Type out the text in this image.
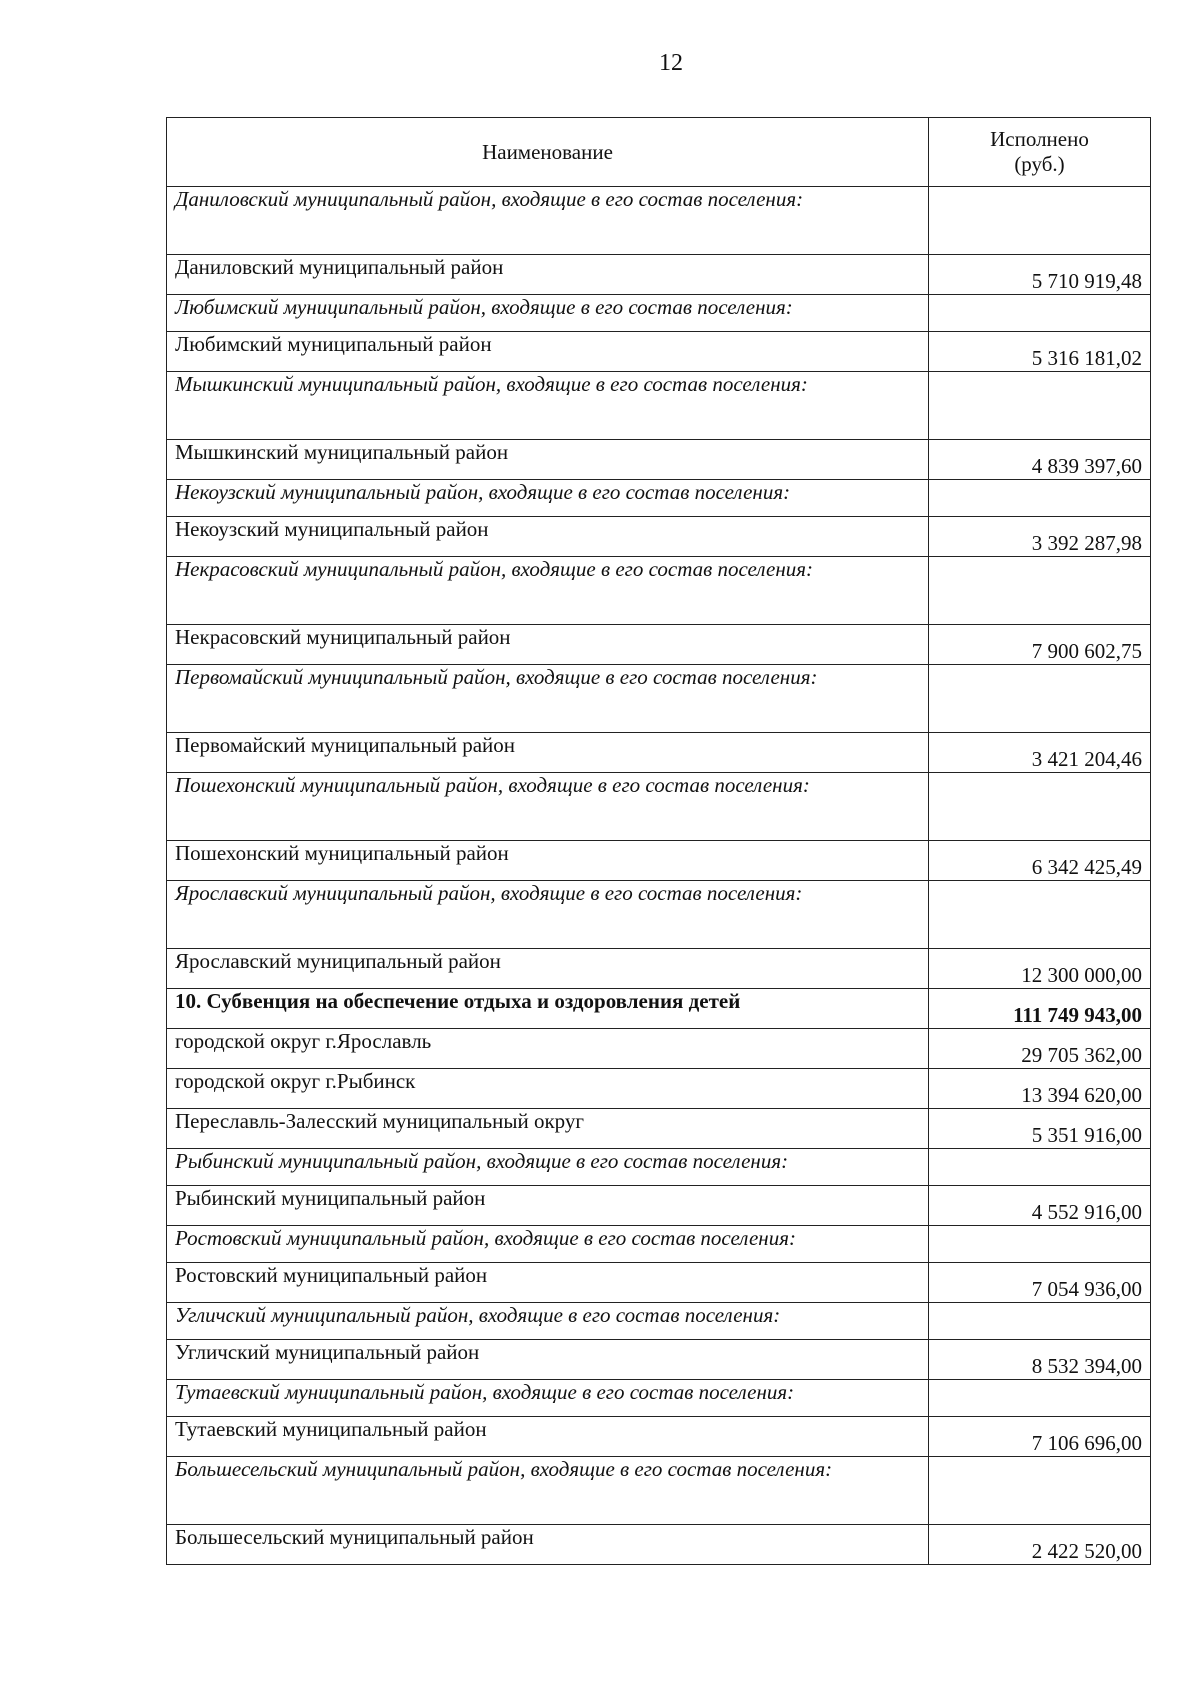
12
Наименование	Исполнено
(руб.)

Даниловский муниципальный район, входящие в его состав поселения:	
Даниловский муниципальный район	5 710 919,48
Любимский муниципальный район, входящие в его состав поселения:	
Любимский муниципальный район	5 316 181,02
Мышкинский муниципальный район, входящие в его состав поселения:	
Мышкинский муниципальный район	4 839 397,60
Некоузский муниципальный район, входящие в его состав поселения:	
Некоузский муниципальный район	3 392 287,98
Некрасовский муниципальный район, входящие в его состав поселения:	
Некрасовский муниципальный район	7 900 602,75
Первомайский муниципальный район, входящие в его состав поселения:	
Первомайский муниципальный район	3 421 204,46
Пошехонский муниципальный район, входящие в его состав поселения:	
Пошехонский муниципальный район	6 342 425,49
Ярославский муниципальный район, входящие в его состав поселения:	
Ярославский муниципальный район	12 300 000,00
10. Субвенция на обеспечение отдыха и оздоровления детей	111 749 943,00
городской округ г.Ярославль	29 705 362,00
городской округ г.Рыбинск	13 394 620,00
Переславль-Залесский муниципальный округ	5 351 916,00
Рыбинский муниципальный район, входящие в его состав поселения:	
Рыбинский муниципальный район	4 552 916,00
Ростовский муниципальный район, входящие в его состав поселения:	
Ростовский муниципальный район	7 054 936,00
Угличский муниципальный район, входящие в его состав поселения:	
Угличский муниципальный район	8 532 394,00
Тутаевский муниципальный район, входящие в его состав поселения:	
Тутаевский муниципальный район	7 106 696,00
Большесельский муниципальный район, входящие в его состав поселения:	
Большесельский муниципальный район	2 422 520,00
